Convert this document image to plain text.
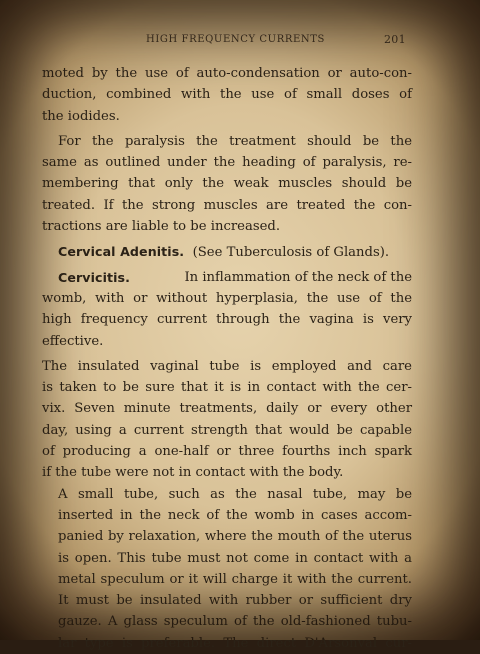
HIGH FREQUENCY CURRENTS	201
moted by the use of auto-condensation or auto-con-
duction, combined with the use of small doses of
the iodides.
For the paralysis the treatment should be the
same as outlined under the heading of paralysis, re-
membering that only the weak muscles should be
treated. If the strong muscles are treated the con-
tractions are liable to be increased.
Cervical Adenitis. (See Tuberculosis of Glands).
Cervicitis.	In inflammation of the neck of the
womb, with or without hyperplasia, the use of the
high frequency current through the vagina is very
effective.
The insulated vaginal tube is employed and care
is taken to be sure that it is in contact with the cer-
vix. Seven minute treatments, daily or every other
day, using a current strength that would be capable
of producing a one-half or three fourths inch spark
if the tube were not in contact with the body.
A small tube, such as the nasal tube, may be
inserted in the neck of the womb in cases accom-
panied by relaxation, where the mouth of the uterus
is open. This tube must not come in contact with a
metal speculum or it will charge it with the current.
It must be insulated with rubber or sufficient dry
gauze. A glass speculum of the old-fashioned tubu-
lar type is preferable. The direct D'Arsonval cur-
